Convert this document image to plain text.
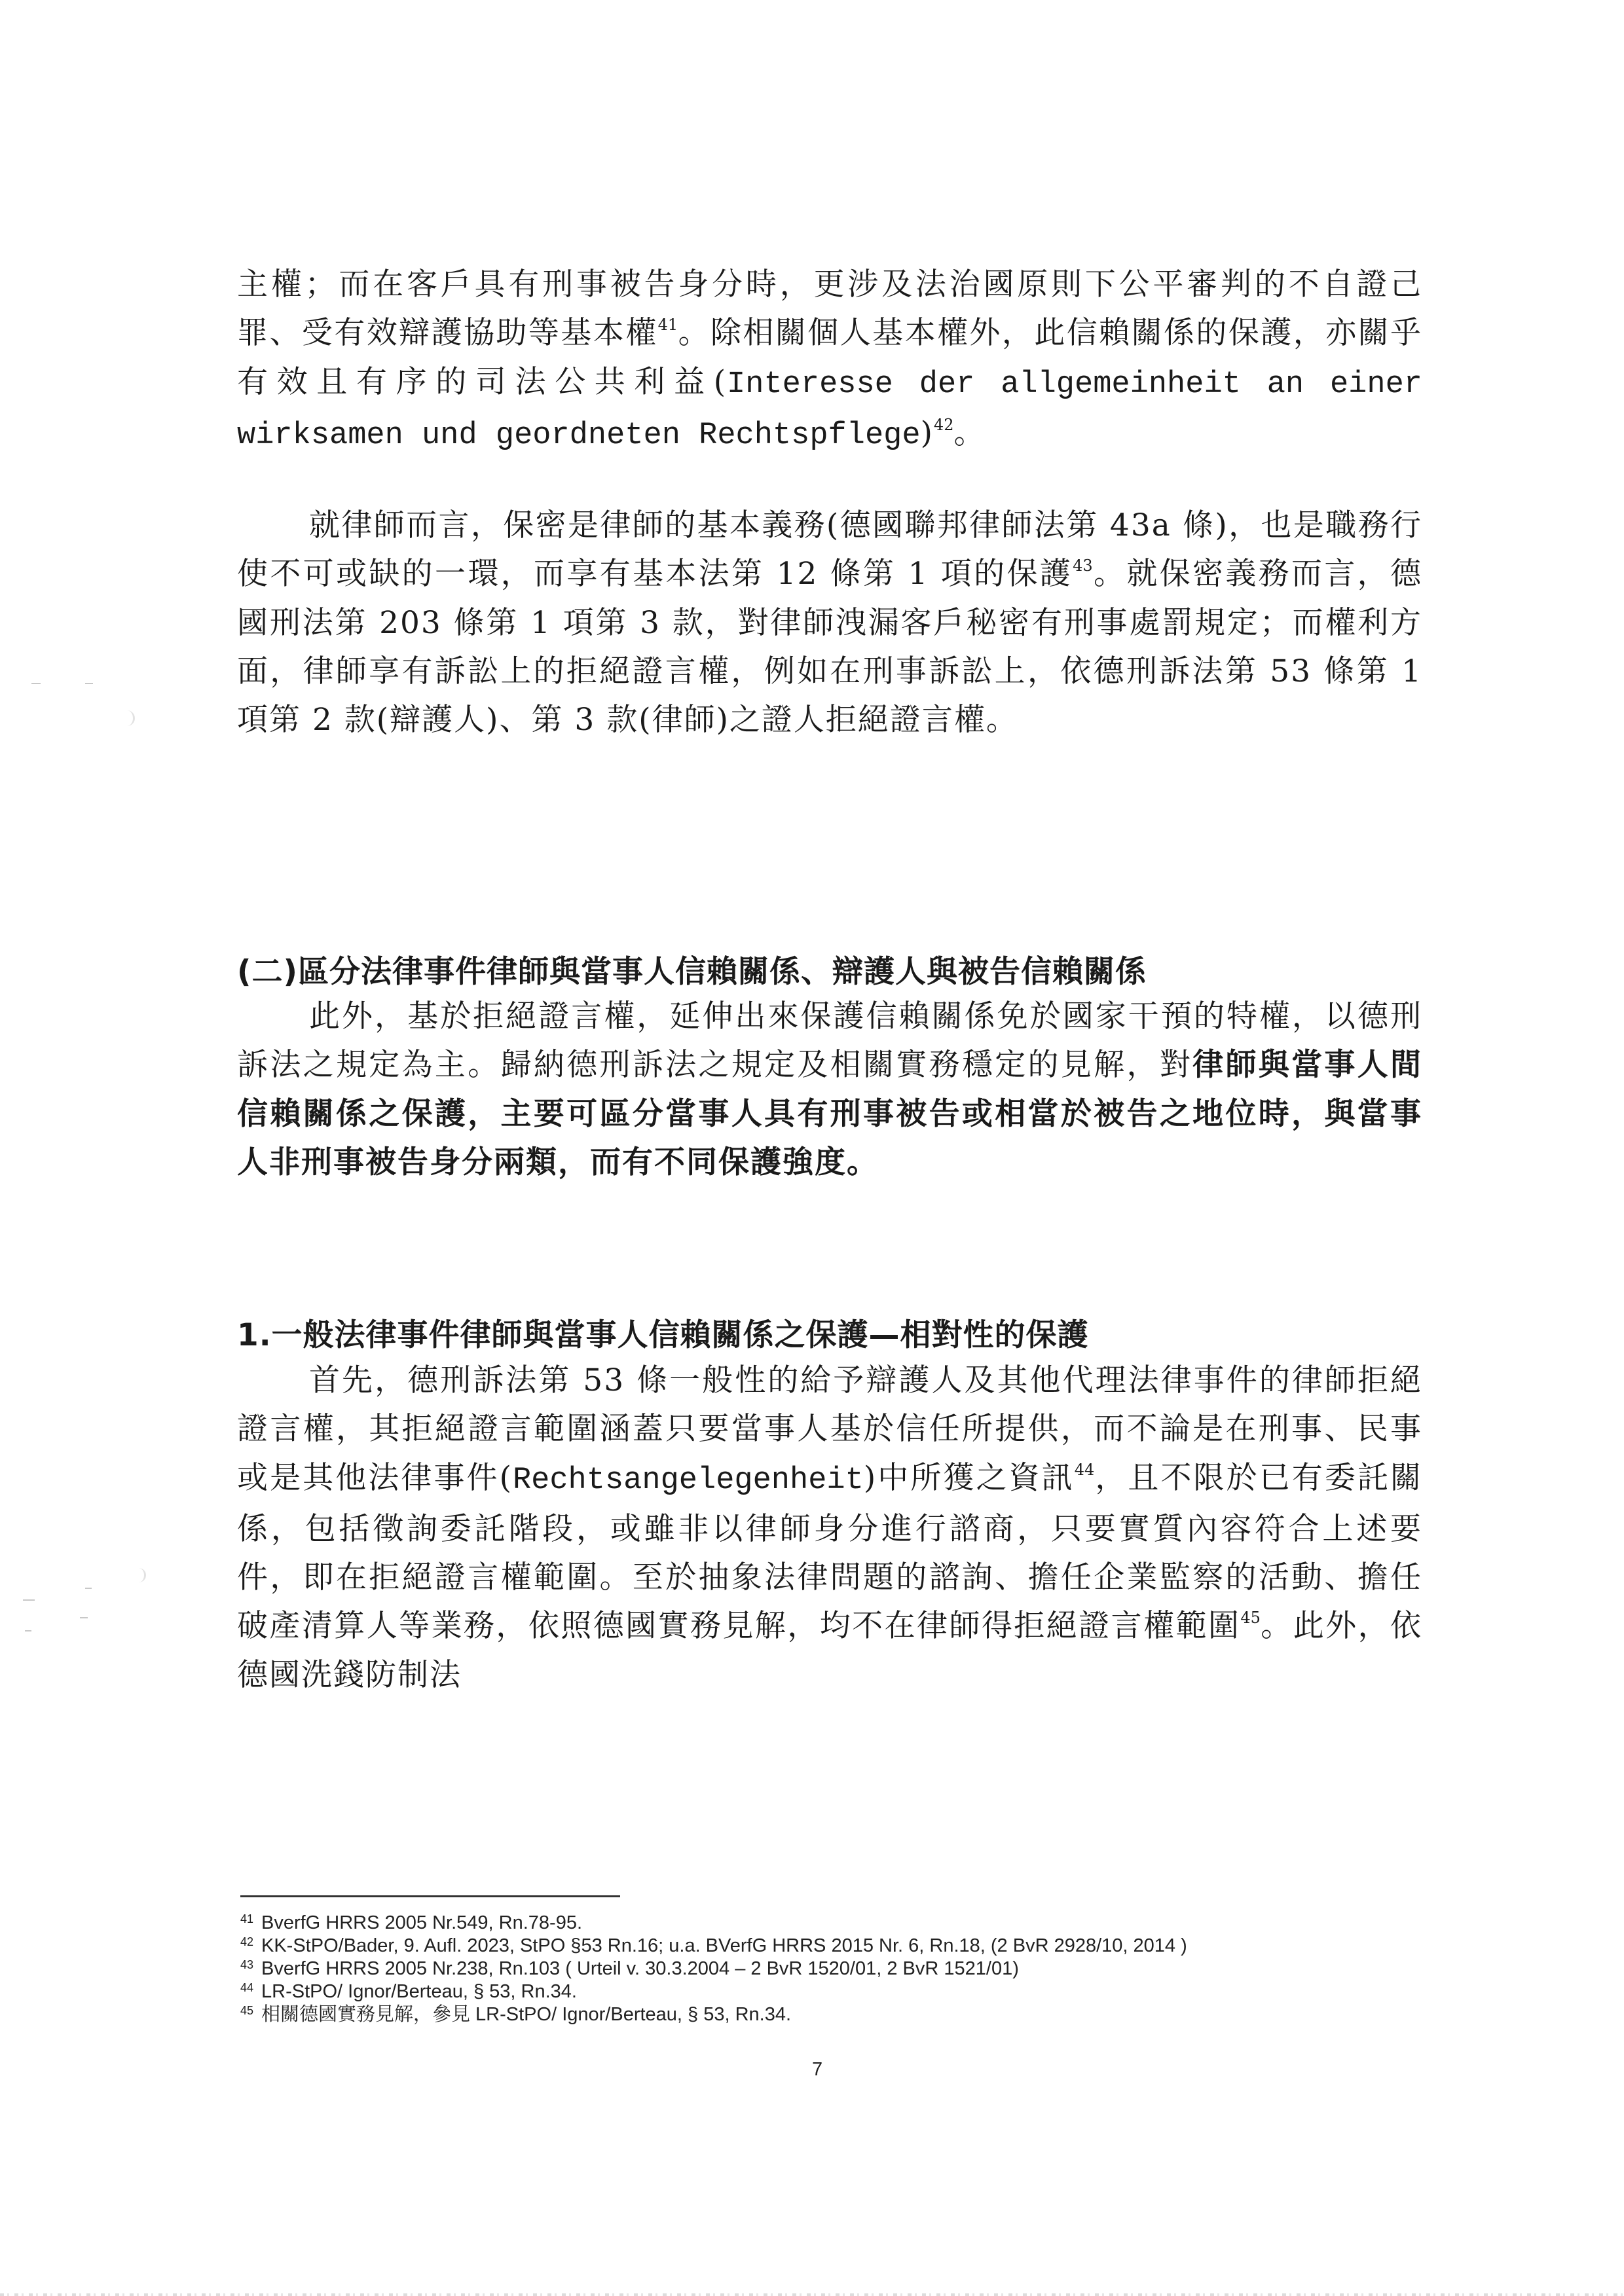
主權；而在客戶具有刑事被告身分時，更涉及法治國原則下公平審判的不自證己罪、受有效辯護協助等基本權$^{41}$。除相關個人基本權外，此信賴關係的保護，亦關乎有效且有序的司法公共利益(Interesse der allgemeinheit an einer wirksamen und geordneten Rechtspflege)$^{42}$。

就律師而言，保密是律師的基本義務(德國聯邦律師法第 43a 條)，也是職務行使不可或缺的一環，而享有基本法第 12 條第 1 項的保護$^{43}$。就保密義務而言，德國刑法第 203 條第 1 項第 3 款，對律師洩漏客戶秘密有刑事處罰規定；而權利方面，律師享有訴訟上的拒絕證言權，例如在刑事訴訟上，依德刑訴法第 53 條第 1 項第 2 款(辯護人)、第 3 款(律師)之證人拒絕證言權。

(二)區分法律事件律師與當事人信賴關係、辯護人與被告信賴關係

此外，基於拒絕證言權，延伸出來保護信賴關係免於國家干預的特權，以德刑訴法之規定為主。歸納德刑訴法之規定及相關實務穩定的見解，對律師與當事人間信賴關係之保護，主要可區分當事人具有刑事被告或相當於被告之地位時，與當事人非刑事被告身分兩類，而有不同保護強度。

1.一般法律事件律師與當事人信賴關係之保護—相對性的保護

首先，德刑訴法第 53 條一般性的給予辯護人及其他代理法律事件的律師拒絕證言權，其拒絕證言範圍涵蓋只要當事人基於信任所提供，而不論是在刑事、民事或是其他法律事件(Rechtsangelegenheit)中所獲之資訊$^{44}$，且不限於已有委託關係，包括徵詢委託階段，或雖非以律師身分進行諮商，只要實質內容符合上述要件，即在拒絕證言權範圍。至於抽象法律問題的諮詢、擔任企業監察的活動、擔任破產清算人等業務，依照德國實務見解，均不在律師得拒絕證言權範圍$^{45}$。此外，依德國洗錢防制法

41 BverfG HRRS 2005 Nr.549, Rn.78-95.
42 KK-StPO/Bader, 9. Aufl. 2023, StPO §53 Rn.16; u.a. BVerfG HRRS 2015 Nr. 6, Rn.18, (2 BvR 2928/10, 2014 )
43 BverfG HRRS 2005 Nr.238, Rn.103 ( Urteil v. 30.3.2004 – 2 BvR 1520/01, 2 BvR 1521/01)
44 LR-StPO/ Ignor/Berteau, § 53, Rn.34.
45 相關德國實務見解，參見 LR-StPO/ Ignor/Berteau, § 53, Rn.34.
7
